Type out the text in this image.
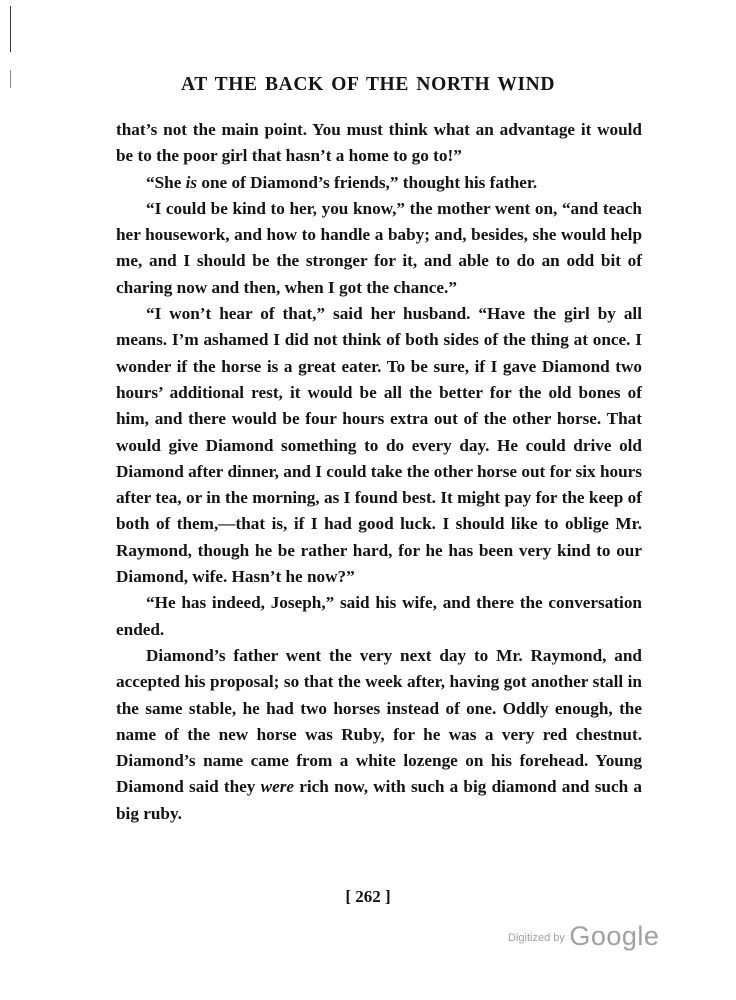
AT THE BACK OF THE NORTH WIND

that’s not the main point. You must think what an advantage it would be to the poor girl that hasn’t a home to go to!”

“She is one of Diamond’s friends,” thought his father.

“I could be kind to her, you know,” the mother went on, “and teach her housework, and how to handle a baby; and, besides, she would help me, and I should be the stronger for it, and able to do an odd bit of charing now and then, when I got the chance.”

“I won’t hear of that,” said her husband. “Have the girl by all means. I’m ashamed I did not think of both sides of the thing at once. I wonder if the horse is a great eater. To be sure, if I gave Diamond two hours’ additional rest, it would be all the better for the old bones of him, and there would be four hours extra out of the other horse. That would give Diamond something to do every day. He could drive old Diamond after dinner, and I could take the other horse out for six hours after tea, or in the morning, as I found best. It might pay for the keep of both of them,—that is, if I had good luck. I should like to oblige Mr. Raymond, though he be rather hard, for he has been very kind to our Diamond, wife. Hasn’t he now?”

“He has indeed, Joseph,” said his wife, and there the conversation ended.

Diamond’s father went the very next day to Mr. Raymond, and accepted his proposal; so that the week after, having got another stall in the same stable, he had two horses instead of one. Oddly enough, the name of the new horse was Ruby, for he was a very red chestnut. Diamond’s name came from a white lozenge on his forehead. Young Diamond said they were rich now, with such a big diamond and such a big ruby.

[ 262 ]
$^{Digitized by}$ Google
